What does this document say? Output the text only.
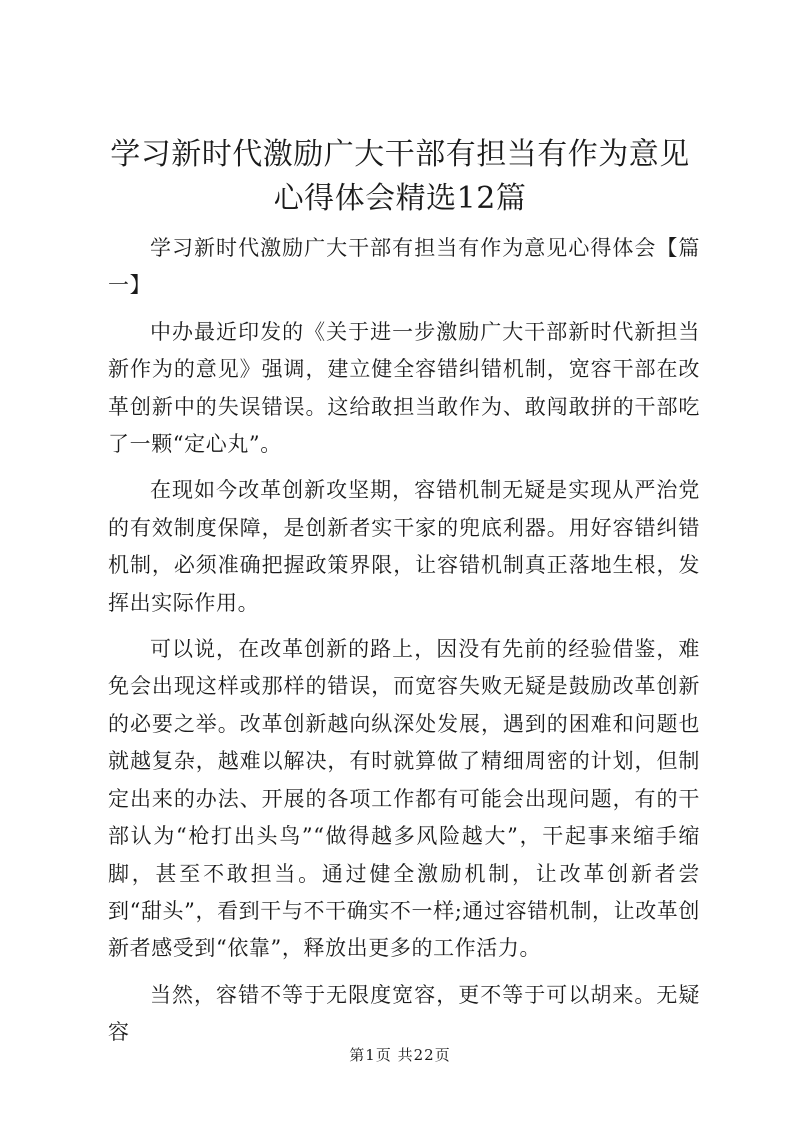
学习新时代激励广大干部有担当有作为意见心得体会精选12篇

学习新时代激励广大干部有担当有作为意见心得体会【篇一】

中办最近印发的《关于进一步激励广大干部新时代新担当新作为的意见》强调，建立健全容错纠错机制，宽容干部在改革创新中的失误错误。这给敢担当敢作为、敢闯敢拼的干部吃了一颗“定心丸”。

在现如今改革创新攻坚期，容错机制无疑是实现从严治党的有效制度保障，是创新者实干家的兜底利器。用好容错纠错机制，必须准确把握政策界限，让容错机制真正落地生根，发挥出实际作用。

可以说，在改革创新的路上，因没有先前的经验借鉴，难免会出现这样或那样的错误，而宽容失败无疑是鼓励改革创新的必要之举。改革创新越向纵深处发展，遇到的困难和问题也就越复杂，越难以解决，有时就算做了精细周密的计划，但制定出来的办法、开展的各项工作都有可能会出现问题，有的干部认为“枪打出头鸟”“做得越多风险越大”，干起事来缩手缩脚，甚至不敢担当。通过健全激励机制，让改革创新者尝到“甜头”，看到干与不干确实不一样;通过容错机制，让改革创新者感受到“依靠”，释放出更多的工作活力。

当然，容错不等于无限度宽容，更不等于可以胡来。无疑容

第1页 共22页
